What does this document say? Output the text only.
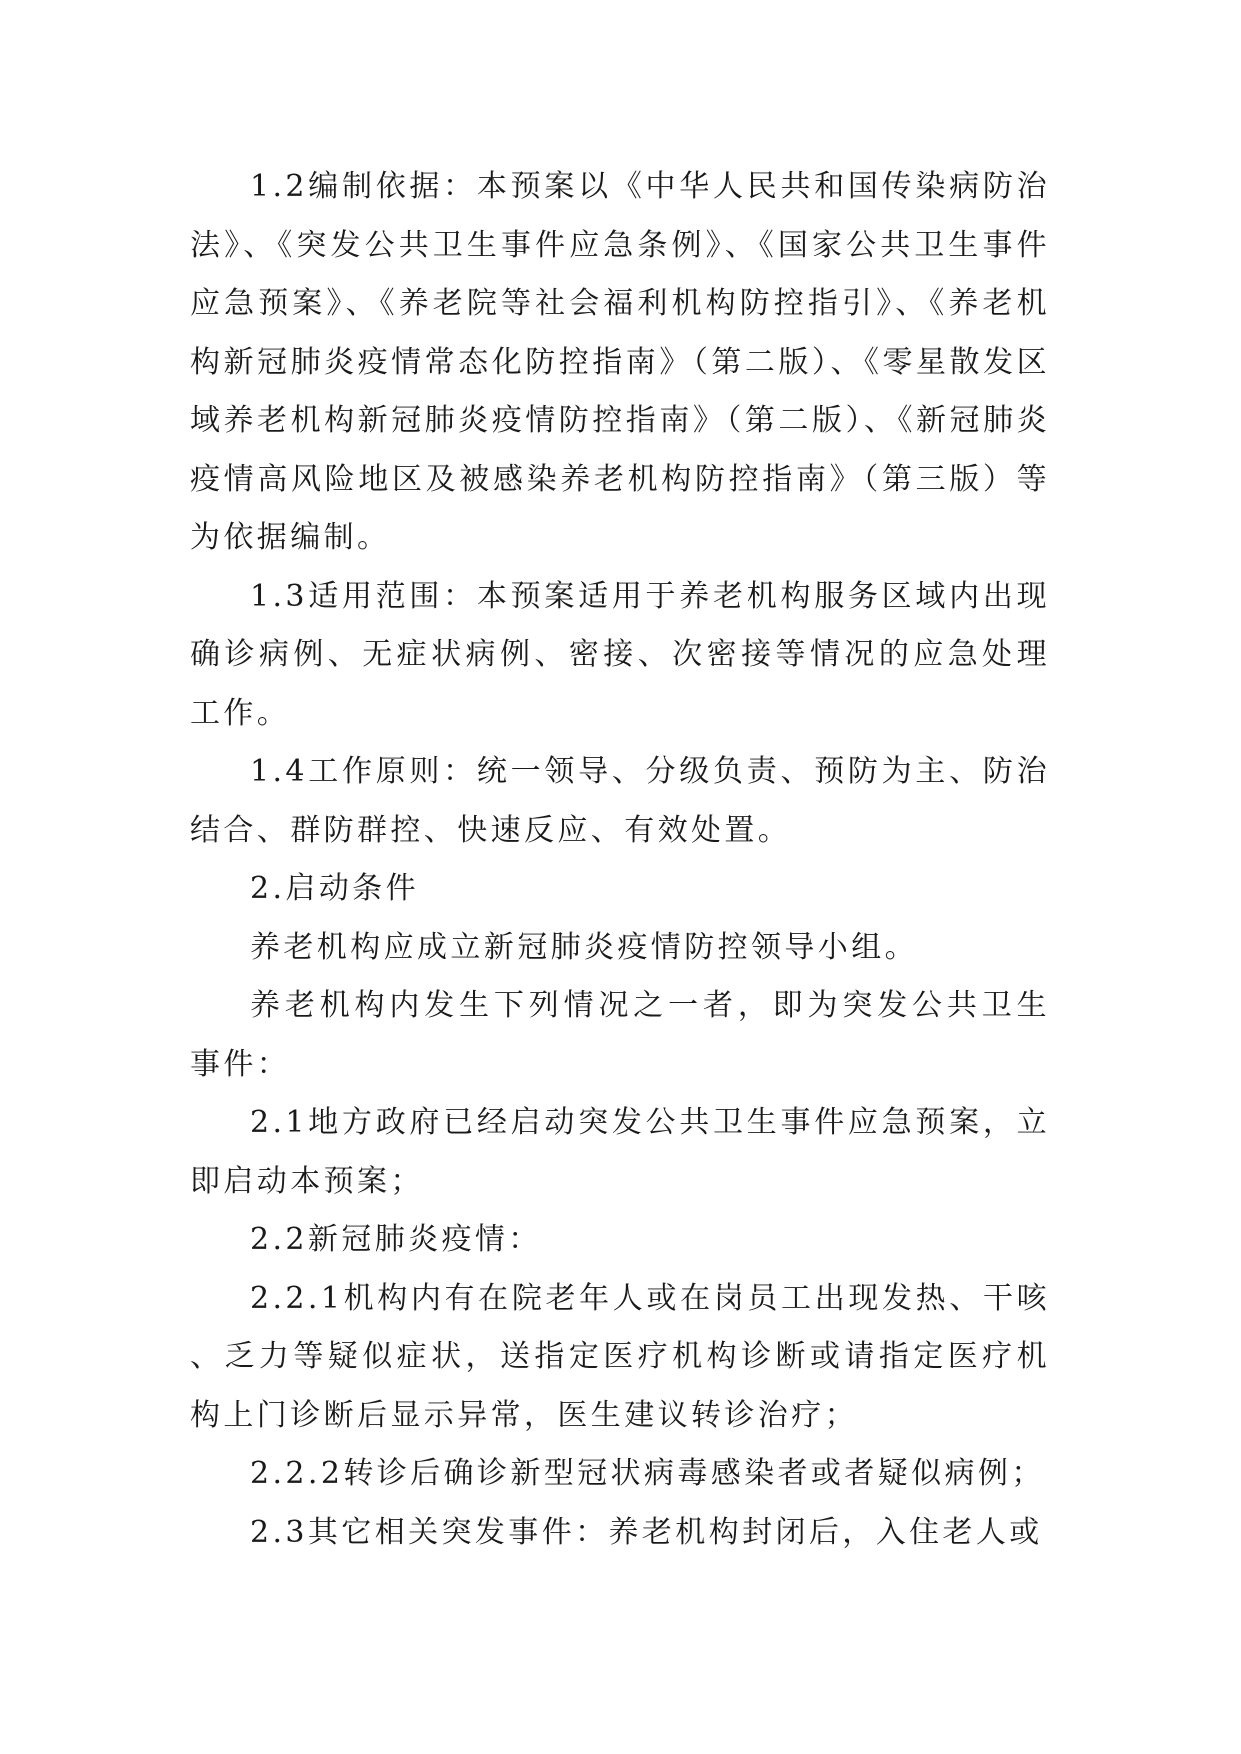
1.2编制依据：本预案以《中华人民共和国传染病防治法》、《突发公共卫生事件应急条例》、《国家公共卫生事件应急预案》、《养老院等社会福利机构防控指引》、《养老机构新冠肺炎疫情常态化防控指南》（第二版）、《零星散发区域养老机构新冠肺炎疫情防控指南》（第二版）、《新冠肺炎疫情高风险地区及被感染养老机构防控指南》（第三版）等为依据编制。

1.3适用范围：本预案适用于养老机构服务区域内出现确诊病例、无症状病例、密接、次密接等情况的应急处理工作。

1.4工作原则：统一领导、分级负责、预防为主、防治结合、群防群控、快速反应、有效处置。

2.启动条件

养老机构应成立新冠肺炎疫情防控领导小组。

养老机构内发生下列情况之一者，即为突发公共卫生事件：

2.1地方政府已经启动突发公共卫生事件应急预案，立即启动本预案；

2.2新冠肺炎疫情：

2.2.1机构内有在院老年人或在岗员工出现发热、干咳、乏力等疑似症状，送指定医疗机构诊断或请指定医疗机构上门诊断后显示异常，医生建议转诊治疗；

2.2.2转诊后确诊新型冠状病毒感染者或者疑似病例；

2.3其它相关突发事件：养老机构封闭后，入住老人或
